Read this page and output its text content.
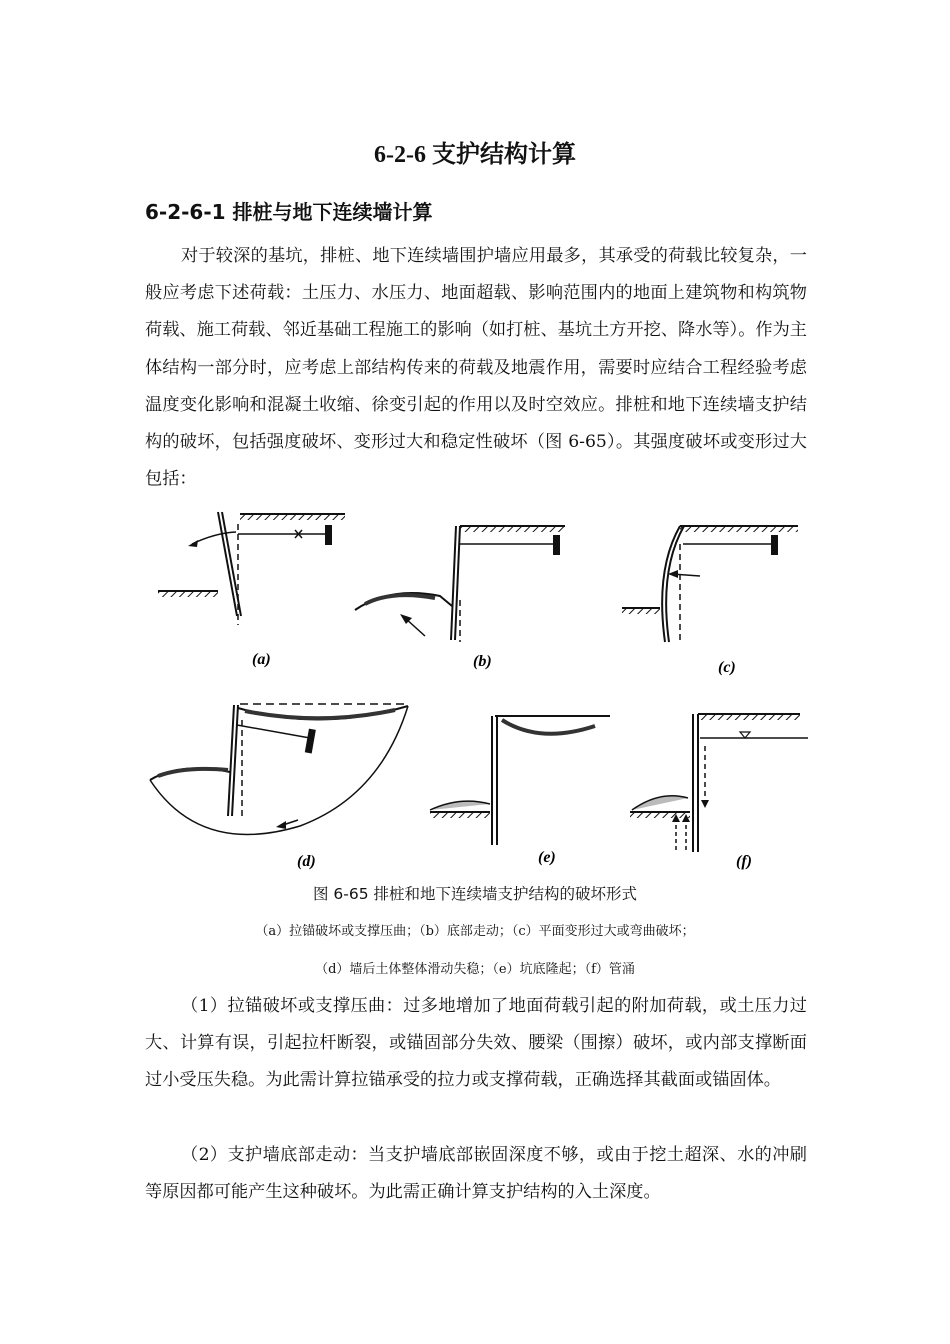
6-2-6 支护结构计算
6-2-6-1 排桩与地下连续墙计算

对于较深的基坑，排桩、地下连续墙围护墙应用最多，其承受的荷载比较复杂，一般应考虑下述荷载：土压力、水压力、地面超载、影响范围内的地面上建筑物和构筑物荷载、施工荷载、邻近基础工程施工的影响（如打桩、基坑土方开挖、降水等）。作为主体结构一部分时，应考虑上部结构传来的荷载及地震作用，需要时应结合工程经验考虑温度变化影响和混凝土收缩、徐变引起的作用以及时空效应。排桩和地下连续墙支护结构的破坏，包括强度破坏、变形过大和稳定性破坏（图 6-65）。其强度破坏或变形过大包括：

(a)	(b)	(c)
(d)	(e)	(f)
图 6-65 排桩和地下连续墙支护结构的破坏形式
（a）拉锚破坏或支撑压曲；（b）底部走动；（c）平面变形过大或弯曲破坏；
（d）墙后土体整体滑动失稳；（e）坑底隆起；（f）管涌

（1）拉锚破坏或支撑压曲：过多地增加了地面荷载引起的附加荷载，或土压力过大、计算有误，引起拉杆断裂，或锚固部分失效、腰梁（围擦）破坏，或内部支撑断面过小受压失稳。为此需计算拉锚承受的拉力或支撑荷载，正确选择其截面或锚固体。

（2）支护墙底部走动：当支护墙底部嵌固深度不够，或由于挖土超深、水的冲刷等原因都可能产生这种破坏。为此需正确计算支护结构的入土深度。
